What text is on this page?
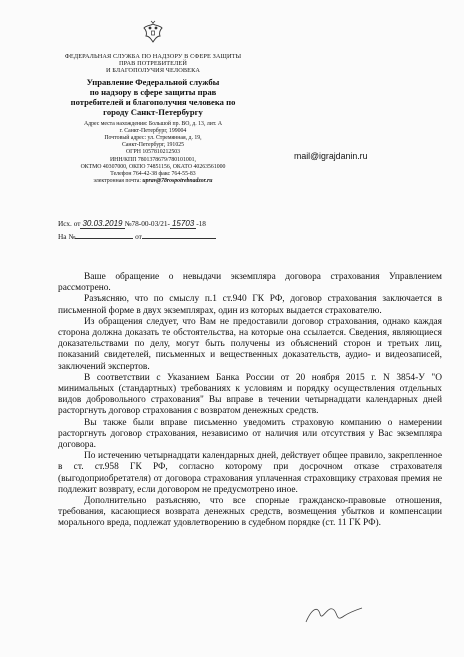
ФЕДЕРАЛЬНАЯ СЛУЖБА ПО НАДЗОРУ В СФЕРЕ ЗАЩИТЫ
ПРАВ ПОТРЕБИТЕЛЕЙ
И БЛАГОПОЛУЧИЯ ЧЕЛОВЕКА
Управление Федеральной службы
по надзору в сфере защиты прав
потребителей и благополучия человека по
городу Санкт-Петербургу
Адрес места нахождения: Большой пр. ВО, д. 13, лит. А
г. Санкт-Петербург, 199004
Почтовый адрес: ул. Стремянная, д. 19,
Санкт-Петербург, 191025
ОГРН 1057810212503
ИНН/КПП 7801378679/780101001,
ОКТМО 40307000, ОКПО 74851156, ОКАТО 40263561000
Телефон 764-42-38 факс 764-55-83
электронная почта: uprav@78rospotrebnadzor.ru
mail@igrajdanin.ru
Исх. от 30.03.2019 №78-00-03/21- 15703 -18
На №	от

Ваше обращение о невыдачи экземпляра договора страхования Управлением рассмотрено.

Разъясняю, что по смыслу п.1 ст.940 ГК РФ, договор страхования заключается в письменной форме в двух экземплярах, один из которых выдается страхователю.

Из обращения следует, что Вам не предоставили договор страхования, однако каждая сторона должна доказать те обстоятельства, на которые она ссылается. Сведения, являющиеся доказательствами по делу, могут быть получены из объяснений сторон и третьих лиц, показаний свидетелей, письменных и вещественных доказательств, аудио- и видеозаписей, заключений экспертов.

В соответствии с Указанием Банка России от 20 ноября 2015 г. N 3854-У "О минимальных (стандартных) требованиях к условиям и порядку осуществления отдельных видов добровольного страхования" Вы вправе в течении четырнадцати календарных дней расторгнуть договор страхования с возвратом денежных средств.

Вы также были вправе письменно уведомить страховую компанию о намерении расторгнуть договор страхования, независимо от наличия или отсутствия у Вас экземпляра договора.

По истечению четырнадцати календарных дней, действует общее правило, закрепленное в ст. ст.958 ГК РФ, согласно которому при досрочном отказе страхователя (выгодоприобретателя) от договора страхования уплаченная страховщику страховая премия не подлежит возврату, если договором не предусмотрено иное.

Дополнительно разъясняю, что все спорные гражданско-правовые отношения, требования, касающиеся возврата денежных средств, возмещения убытков и компенсации морального вреда, подлежат удовлетворению в судебном порядке (ст. 11 ГК РФ).
